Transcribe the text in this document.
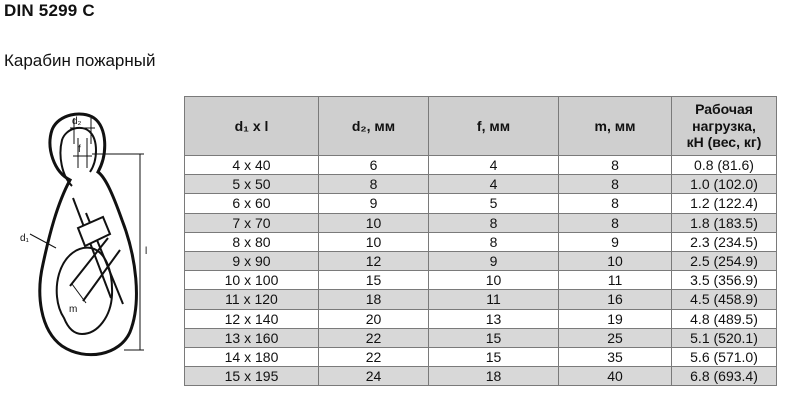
DIN 5299 C
Карабин пожарный
d₂
f
d₁
l
m
d₁ x l	d₂, мм	f, мм	m, мм	Рабочая
нагрузка,
кН (вес, кг)

4 x 40	6	4	8	0.8 (81.6)
5 x 50	8	4	8	1.0 (102.0)
6 x 60	9	5	8	1.2 (122.4)
7 x 70	10	8	8	1.8 (183.5)
8 x 80	10	8	9	2.3 (234.5)
9 x 90	12	9	10	2.5 (254.9)
10 x 100	15	10	11	3.5 (356.9)
11 x 120	18	11	16	4.5 (458.9)
12 x 140	20	13	19	4.8 (489.5)
13 x 160	22	15	25	5.1 (520.1)
14 x 180	22	15	35	5.6 (571.0)
15 x 195	24	18	40	6.8 (693.4)
